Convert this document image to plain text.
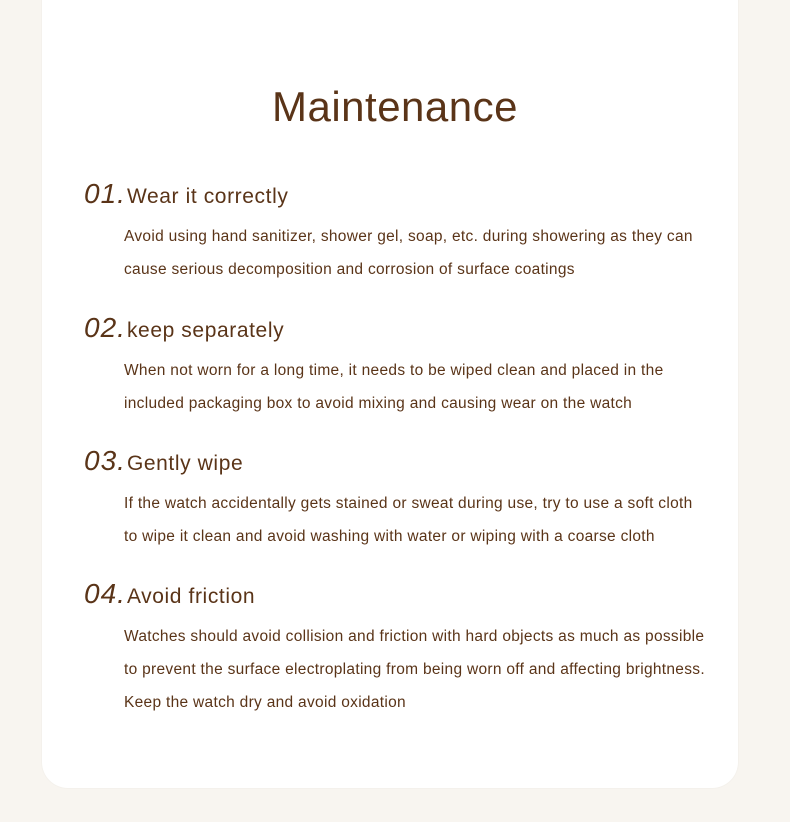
Maintenance
01 . Wear it correctly
Avoid using hand sanitizer, shower gel, soap, etc. during showering as they can
cause serious decomposition and corrosion of surface coatings
02 . keep separately
When not worn for a long time, it needs to be wiped clean and placed in the
included packaging box to avoid mixing and causing wear on the watch
03 . Gently wipe
If the watch accidentally gets stained or sweat during use, try to use a soft cloth
to wipe it clean and avoid washing with water or wiping with a coarse cloth
04 . Avoid friction
Watches should avoid collision and friction with hard objects as much as possible
to prevent the surface electroplating from being worn off and affecting brightness.
Keep the watch dry and avoid oxidation
